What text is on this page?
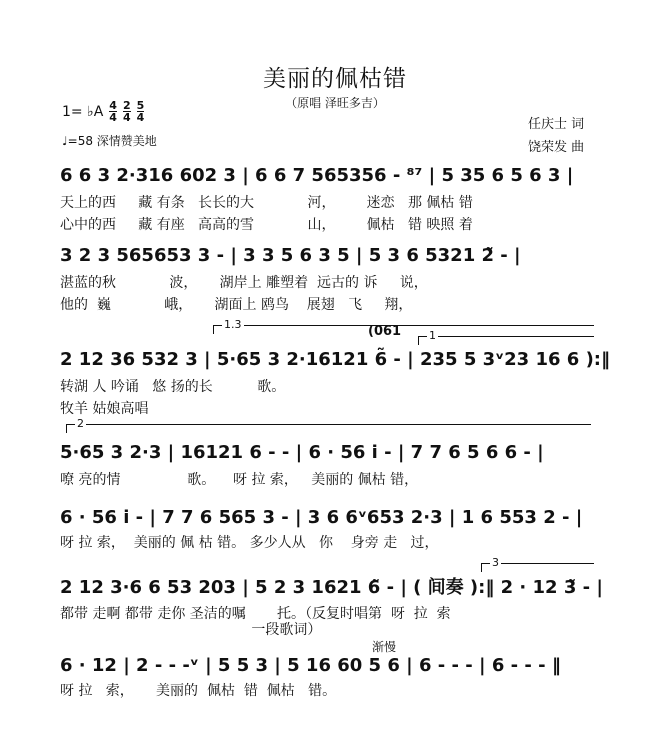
美丽的佩枯错
（原唱 泽旺多吉）
1= ♭A $\frac{4}{4} \frac{2}{4} \frac{5}{4}$
♩=58 深情赞美地
任庆士 词
饶荣发 曲
6 6 3 2·316 602 3 | 6 6 7 565356 - ⁸⁷ | 5 35 6 5 6 3 |
天上的西     藏 有条   长长的大            河，       迷恋   那 佩枯 错
心中的西     藏 有座   高高的雪            山，       佩枯   错 映照 着
3 2 3 565653 3 - | 3 3 5 6 3 5 | 5 3 6 5321 2̃ - |
湛蓝的秋            波，     湖岸上 雕塑着  远古的 诉     说，
他的  巍            峨，     湖面上 鸥鸟    展翅   飞     翔，
1.3
1
(061
2 12 36 532 3 | 5·65 3 2·16121 6̃ - | 235 5 3ᵛ23 16 6 ):‖
转湖 人 吟诵   悠 扬的长          歌。
牧羊 姑娘高唱
2
5·65 3 2·3 | 16121 6 - - | 6 · 56 i - | 7 7 6 5 6 6 - |
嘹 亮的情               歌。    呀 拉 索，   美丽的 佩枯 错，
6 · 56 i - | 7 7 6 565 3 - | 3 6 6ᵛ653 2·3 | 1 6 553 2 - |
呀 拉 索，  美丽的 佩 枯 错。 多少人从   你    身旁 走   过，
3
2 12 3·6 6 53 203 | 5 2 3 1621 6̃ - | ( 间奏 ):‖ 2 · 12 3̃ - |
都带 走啊 都带 走你 圣洁的嘱       托。（反复时唱第  呀  拉  索
一段歌词）
渐慢
6 · 12 | 2 - - -ᵛ | 5 5 3 | 5 16 60 5 6 | 6 - - - | 6 - - - ‖
呀 拉   索，     美丽的  佩枯  错  佩枯   错。
